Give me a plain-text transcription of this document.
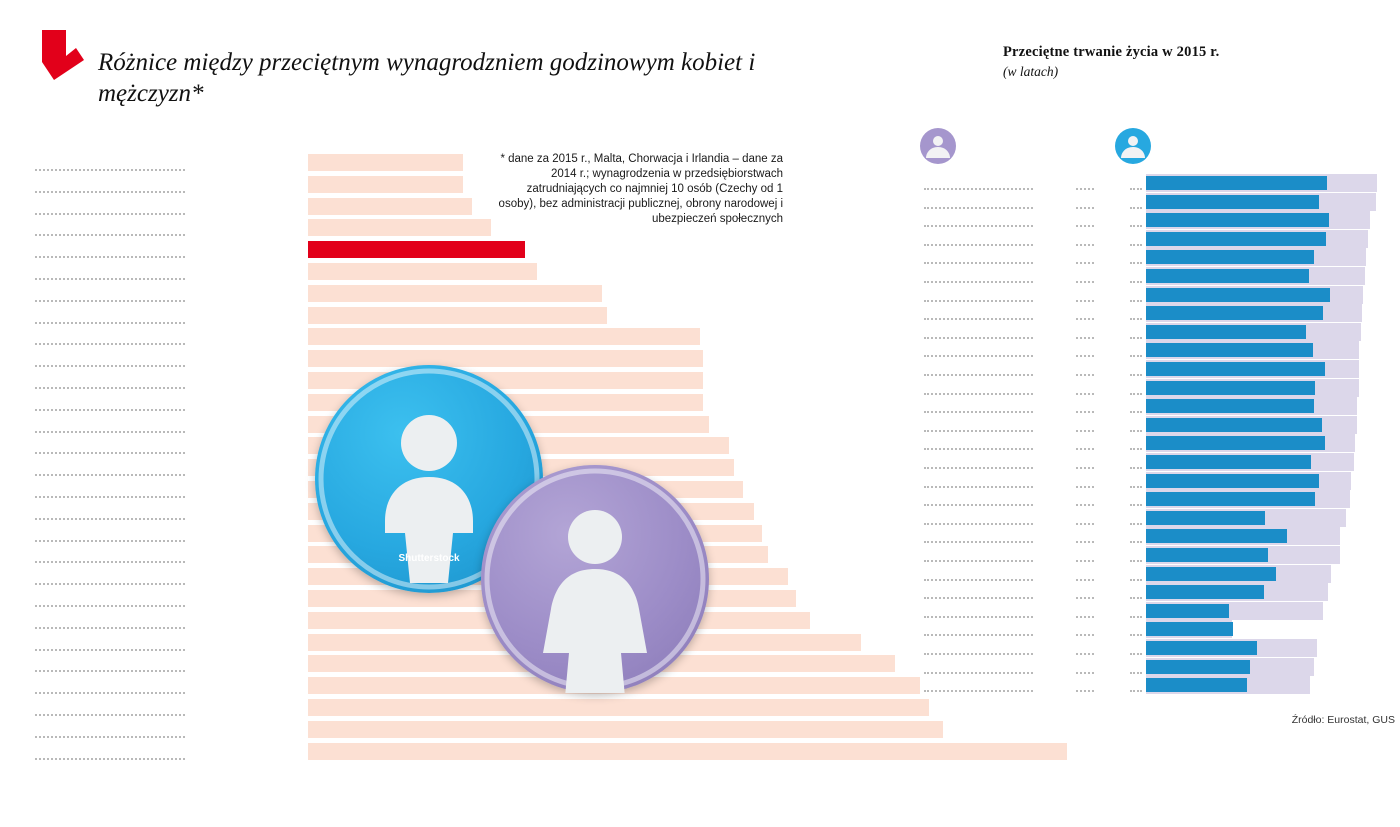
Różnice między przeciętnym wynagrodzniem godzinowym kobiet i mężczyzn*
Przeciętne trwanie życia w 2015 r.
(w latach)
* dane za 2015 r., Malta, Chorwacja i Irlandia – dane za 2014 r.; wynagrodzenia w przedsiębiorstwach zatrudniających co najmniej 10 osób (Czechy od 1 osoby), bez administracji publicznej, obrony narodowej i ubezpieczeń społecznych
Shutterstock
Źródło: Eurostat, GUS
